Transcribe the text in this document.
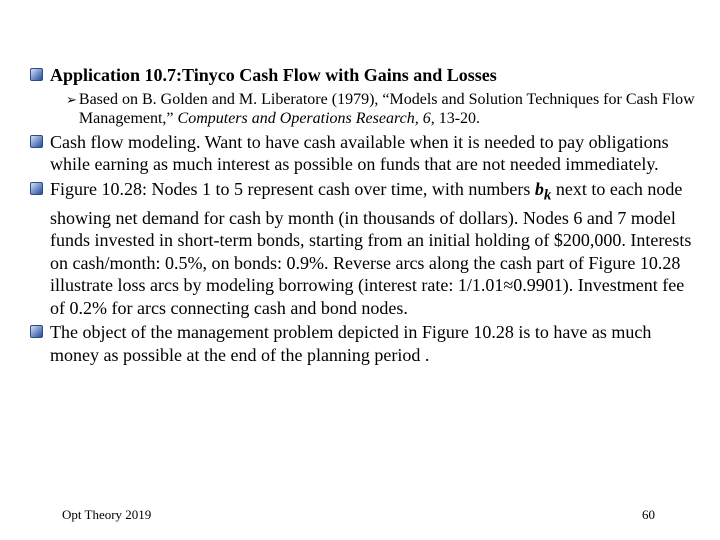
Application 10.7:Tinyco Cash Flow with Gains and Losses
➢ Based on B. Golden and M. Liberatore (1979), “Models and Solution Techniques for Cash Flow Management,” Computers and Operations Research, 6, 13-20.
Cash flow modeling. Want to have cash available when it is needed to pay obligations while earning as much interest as possible on funds that are not needed immediately.
Figure 10.28: Nodes 1 to 5 represent cash over time, with numbers $b_k$ next to each node showing net demand for cash by month (in thousands of dollars). Nodes 6 and 7 model funds invested in short-term bonds, starting from an initial holding of $200,000. Interests on cash/month: 0.5%, on bonds: 0.9%. Reverse arcs along the cash part of Figure 10.28 illustrate loss arcs by modeling borrowing (interest rate: 1/1.01≈0.9901). Investment fee of 0.2% for arcs connecting cash and bond nodes.
The object of the management problem depicted in Figure 10.28 is to have as much money as possible at the end of the planning period .
Opt Theory 2019	60
